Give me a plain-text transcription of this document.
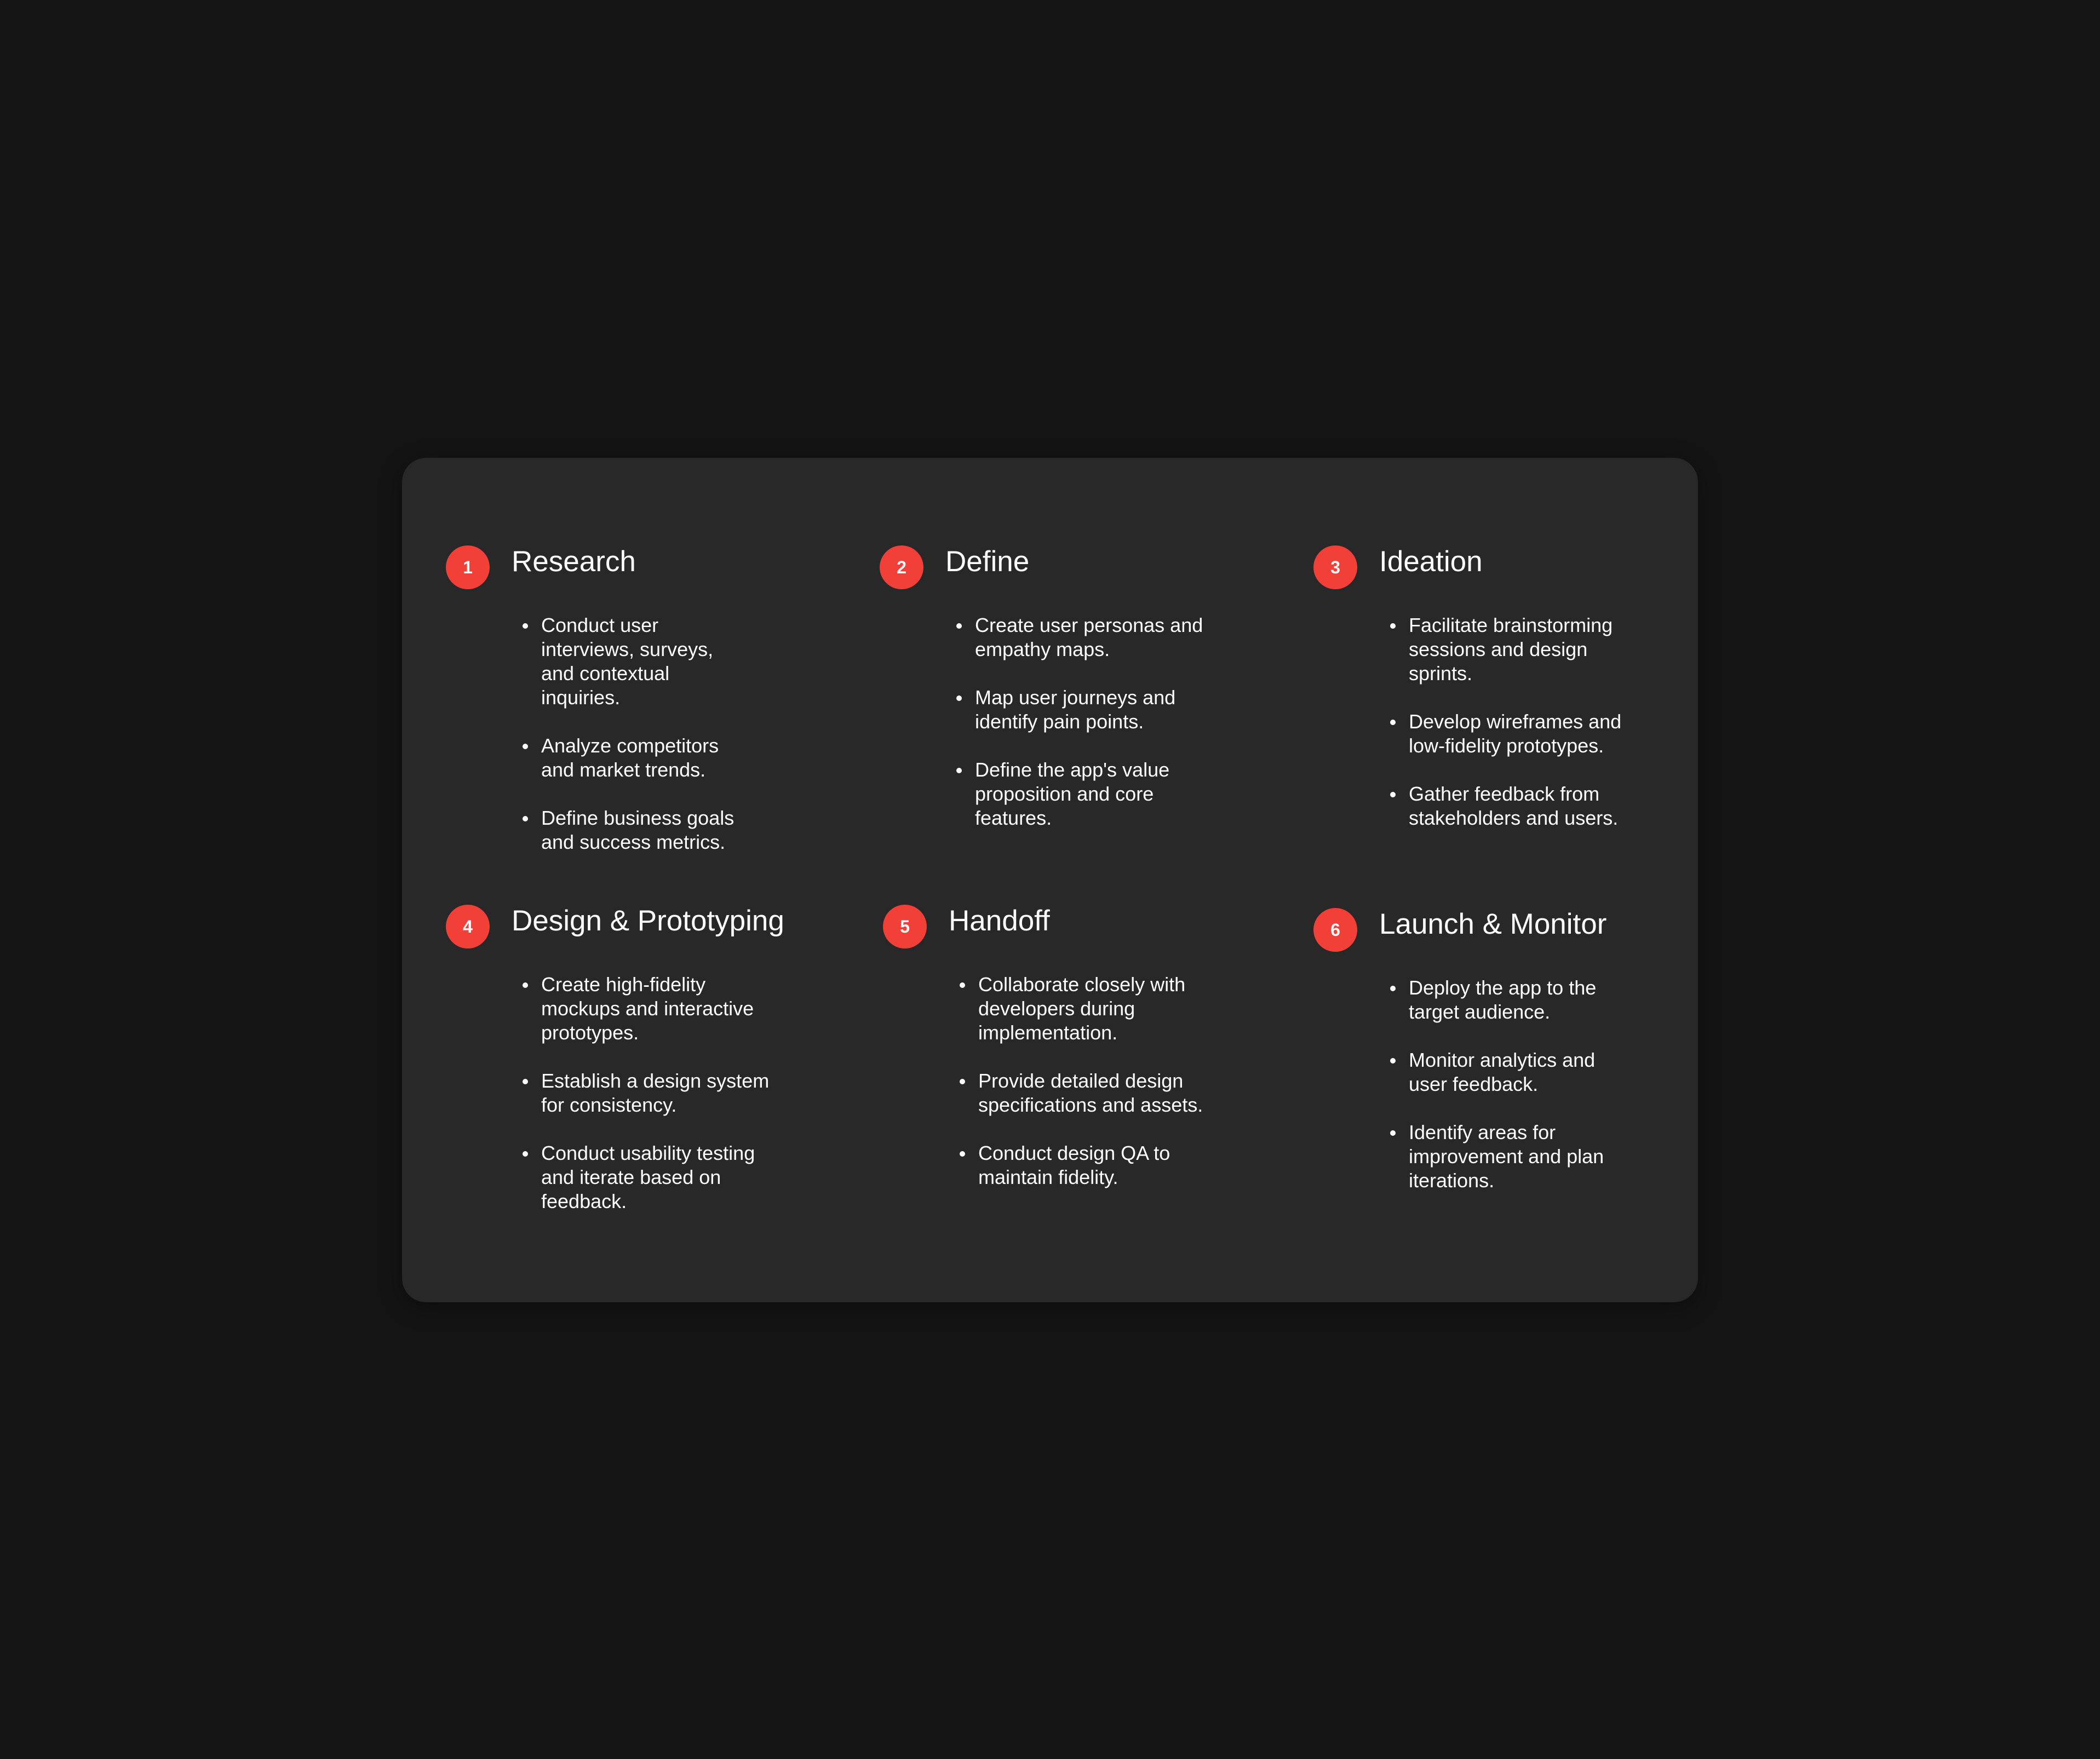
1	Research
Conduct user interviews, surveys, and contextual inquiries.
Analyze competitors and market trends.
Define business goals and success metrics.
2	Define
Create user personas and empathy maps.
Map user journeys and identify pain points.
Define the app's value proposition and core features.
3	Ideation
Facilitate brainstorming sessions and design sprints.
Develop wireframes and low-fidelity prototypes.
Gather feedback from stakeholders and users.
4	Design & Prototyping
Create high-fidelity mockups and interactive prototypes.
Establish a design system for consistency.
Conduct usability testing and iterate based on feedback.
5	Handoff
Collaborate closely with developers during implementation.
Provide detailed design specifications and assets.
Conduct design QA to maintain fidelity.
6	Launch & Monitor
Deploy the app to the target audience.
Monitor analytics and user feedback.
Identify areas for improvement and plan iterations.
